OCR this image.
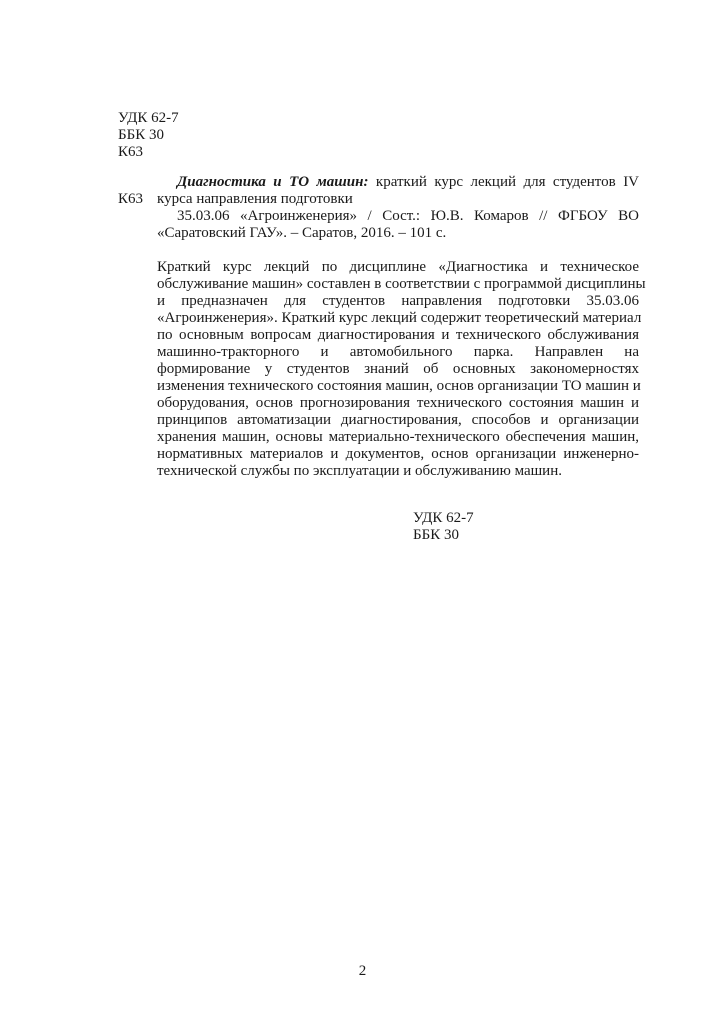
УДК 62-7
ББК 30
К63
К63
Диагностика и ТО машин: краткий курс лекций для студентов IV
курса направления подготовки
35.03.06 «Агроинженерия» / Сост.: Ю.В. Комаров // ФГБОУ ВО
«Саратовский ГАУ». – Саратов, 2016. – 101 с.
Краткий курс лекций по дисциплине «Диагностика и техническое
обслуживание машин» составлен в соответствии с программой дисциплины
и предназначен для студентов направления подготовки 35.03.06
«Агроинженерия». Краткий курс лекций содержит теоретический материал
по основным вопросам диагностирования и технического обслуживания
машинно-тракторного и автомобильного парка. Направлен на
формирование у студентов знаний об основных закономерностях
изменения технического состояния машин, основ организации ТО машин и
оборудования, основ прогнозирования технического состояния машин и
принципов автоматизации диагностирования, способов и организации
хранения машин, основы материально-технического обеспечения машин,
нормативных материалов и документов, основ организации инженерно-
технической службы по эксплуатации и обслуживанию машин.
УДК 62-7
ББК 30
2
